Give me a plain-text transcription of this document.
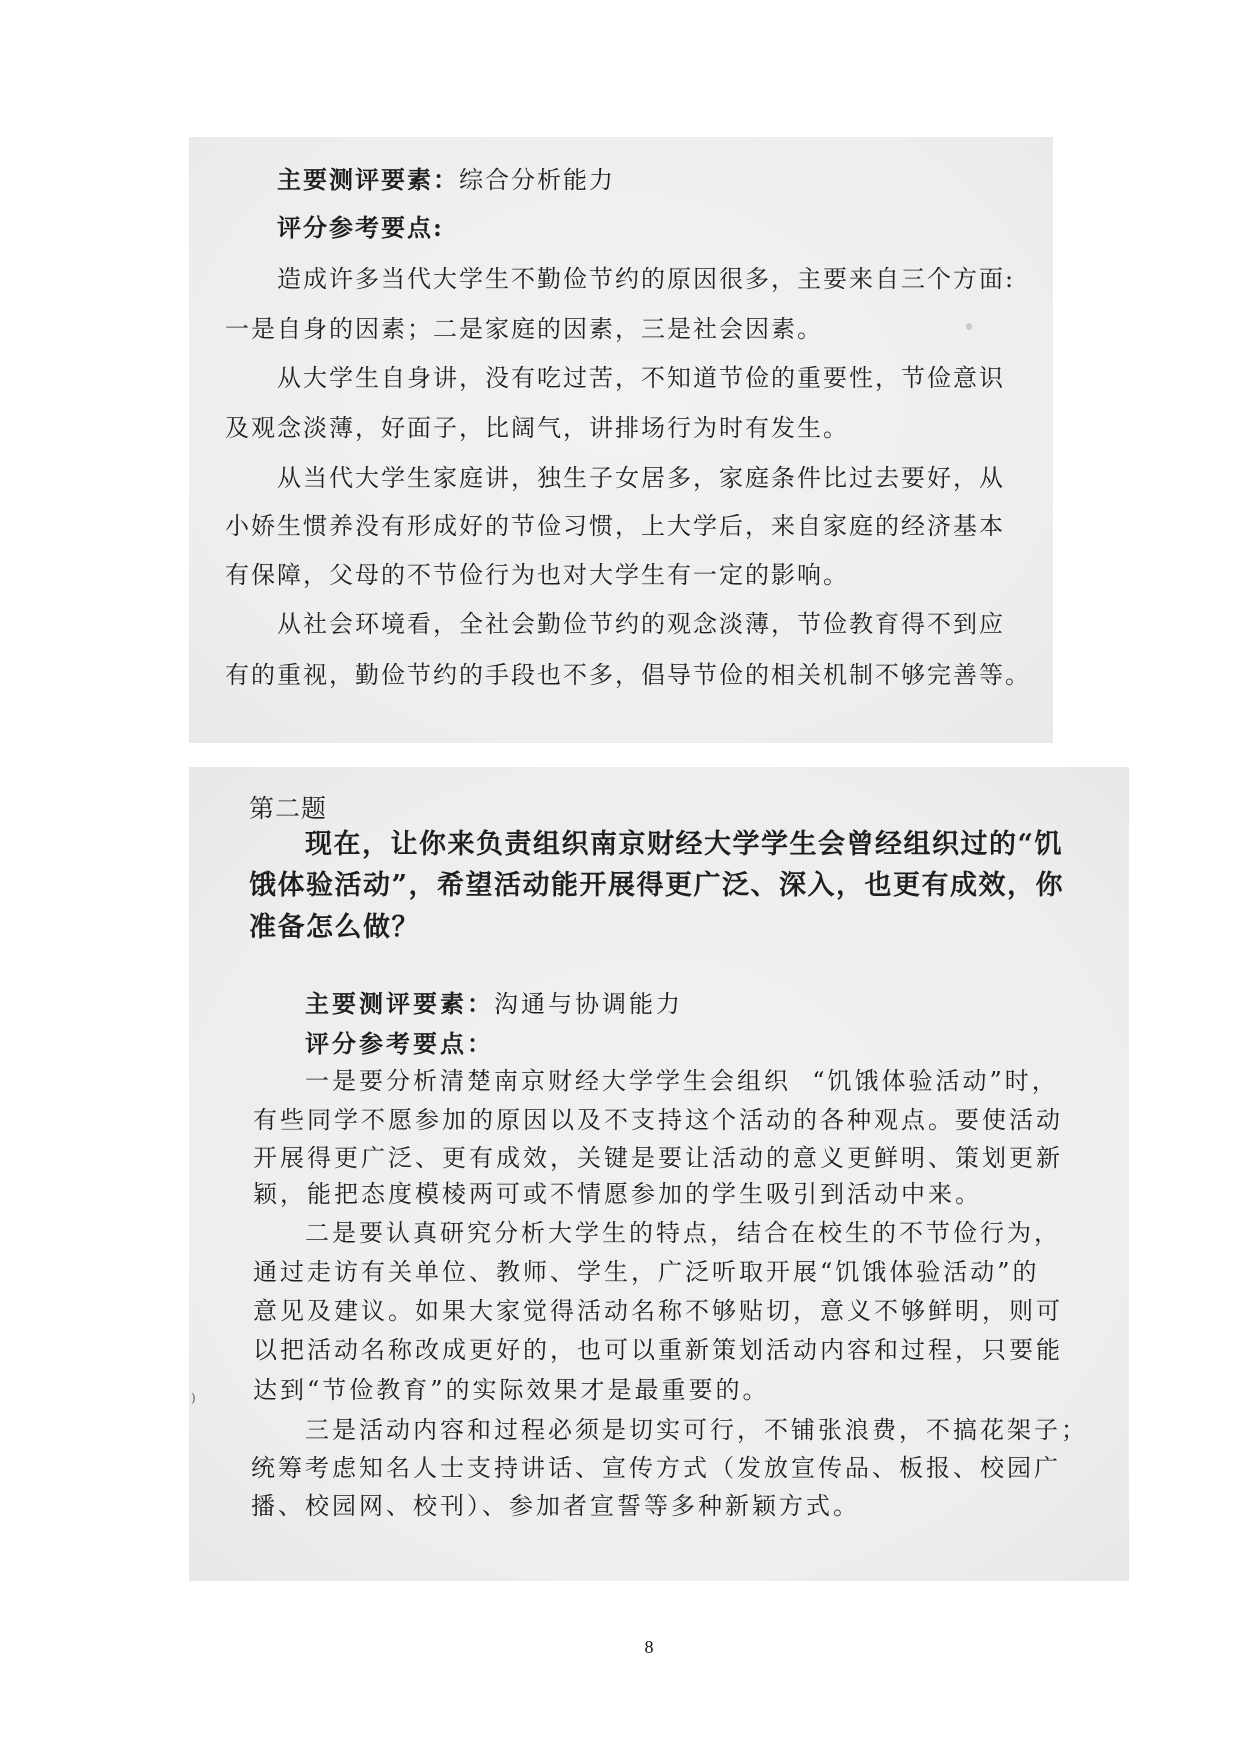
主要测评要素：综合分析能力
评分参考要点:
造成许多当代大学生不勤俭节约的原因很多，主要来自三个方面:
一是自身的因素；二是家庭的因素，三是社会因素。
从大学生自身讲，没有吃过苦，不知道节俭的重要性，节俭意识
及观念淡薄，好面子，比阔气，讲排场行为时有发生。
从当代大学生家庭讲，独生子女居多，家庭条件比过去要好，从
小娇生惯养没有形成好的节俭习惯，上大学后，来自家庭的经济基本
有保障，父母的不节俭行为也对大学生有一定的影响。
从社会环境看，全社会勤俭节约的观念淡薄，节俭教育得不到应
有的重视，勤俭节约的手段也不多，倡导节俭的相关机制不够完善等。
第二题
现在，让你来负责组织南京财经大学学生会曾经组织过的“饥
饿体验活动”，希望活动能开展得更广泛、深入，也更有成效，你
准备怎么做？
主要测评要素：沟通与协调能力
评分参考要点：
一是要分析清楚南京财经大学学生会组织  “饥饿体验活动”时，
有些同学不愿参加的原因以及不支持这个活动的各种观点。要使活动
开展得更广泛、更有成效，关键是要让活动的意义更鲜明、策划更新
颖，能把态度模棱两可或不情愿参加的学生吸引到活动中来。
二是要认真研究分析大学生的特点，结合在校生的不节俭行为，
通过走访有关单位、教师、学生，广泛听取开展“饥饿体验活动”的
意见及建议。如果大家觉得活动名称不够贴切，意义不够鲜明，则可
以把活动名称改成更好的，也可以重新策划活动内容和过程，只要能
达到“节俭教育”的实际效果才是最重要的。
三是活动内容和过程必须是切实可行，不铺张浪费，不搞花架子；
统筹考虑知名人士支持讲话、宣传方式（发放宣传品、板报、校园广
播、校园网、校刊）、参加者宣誓等多种新颖方式。
)
8
